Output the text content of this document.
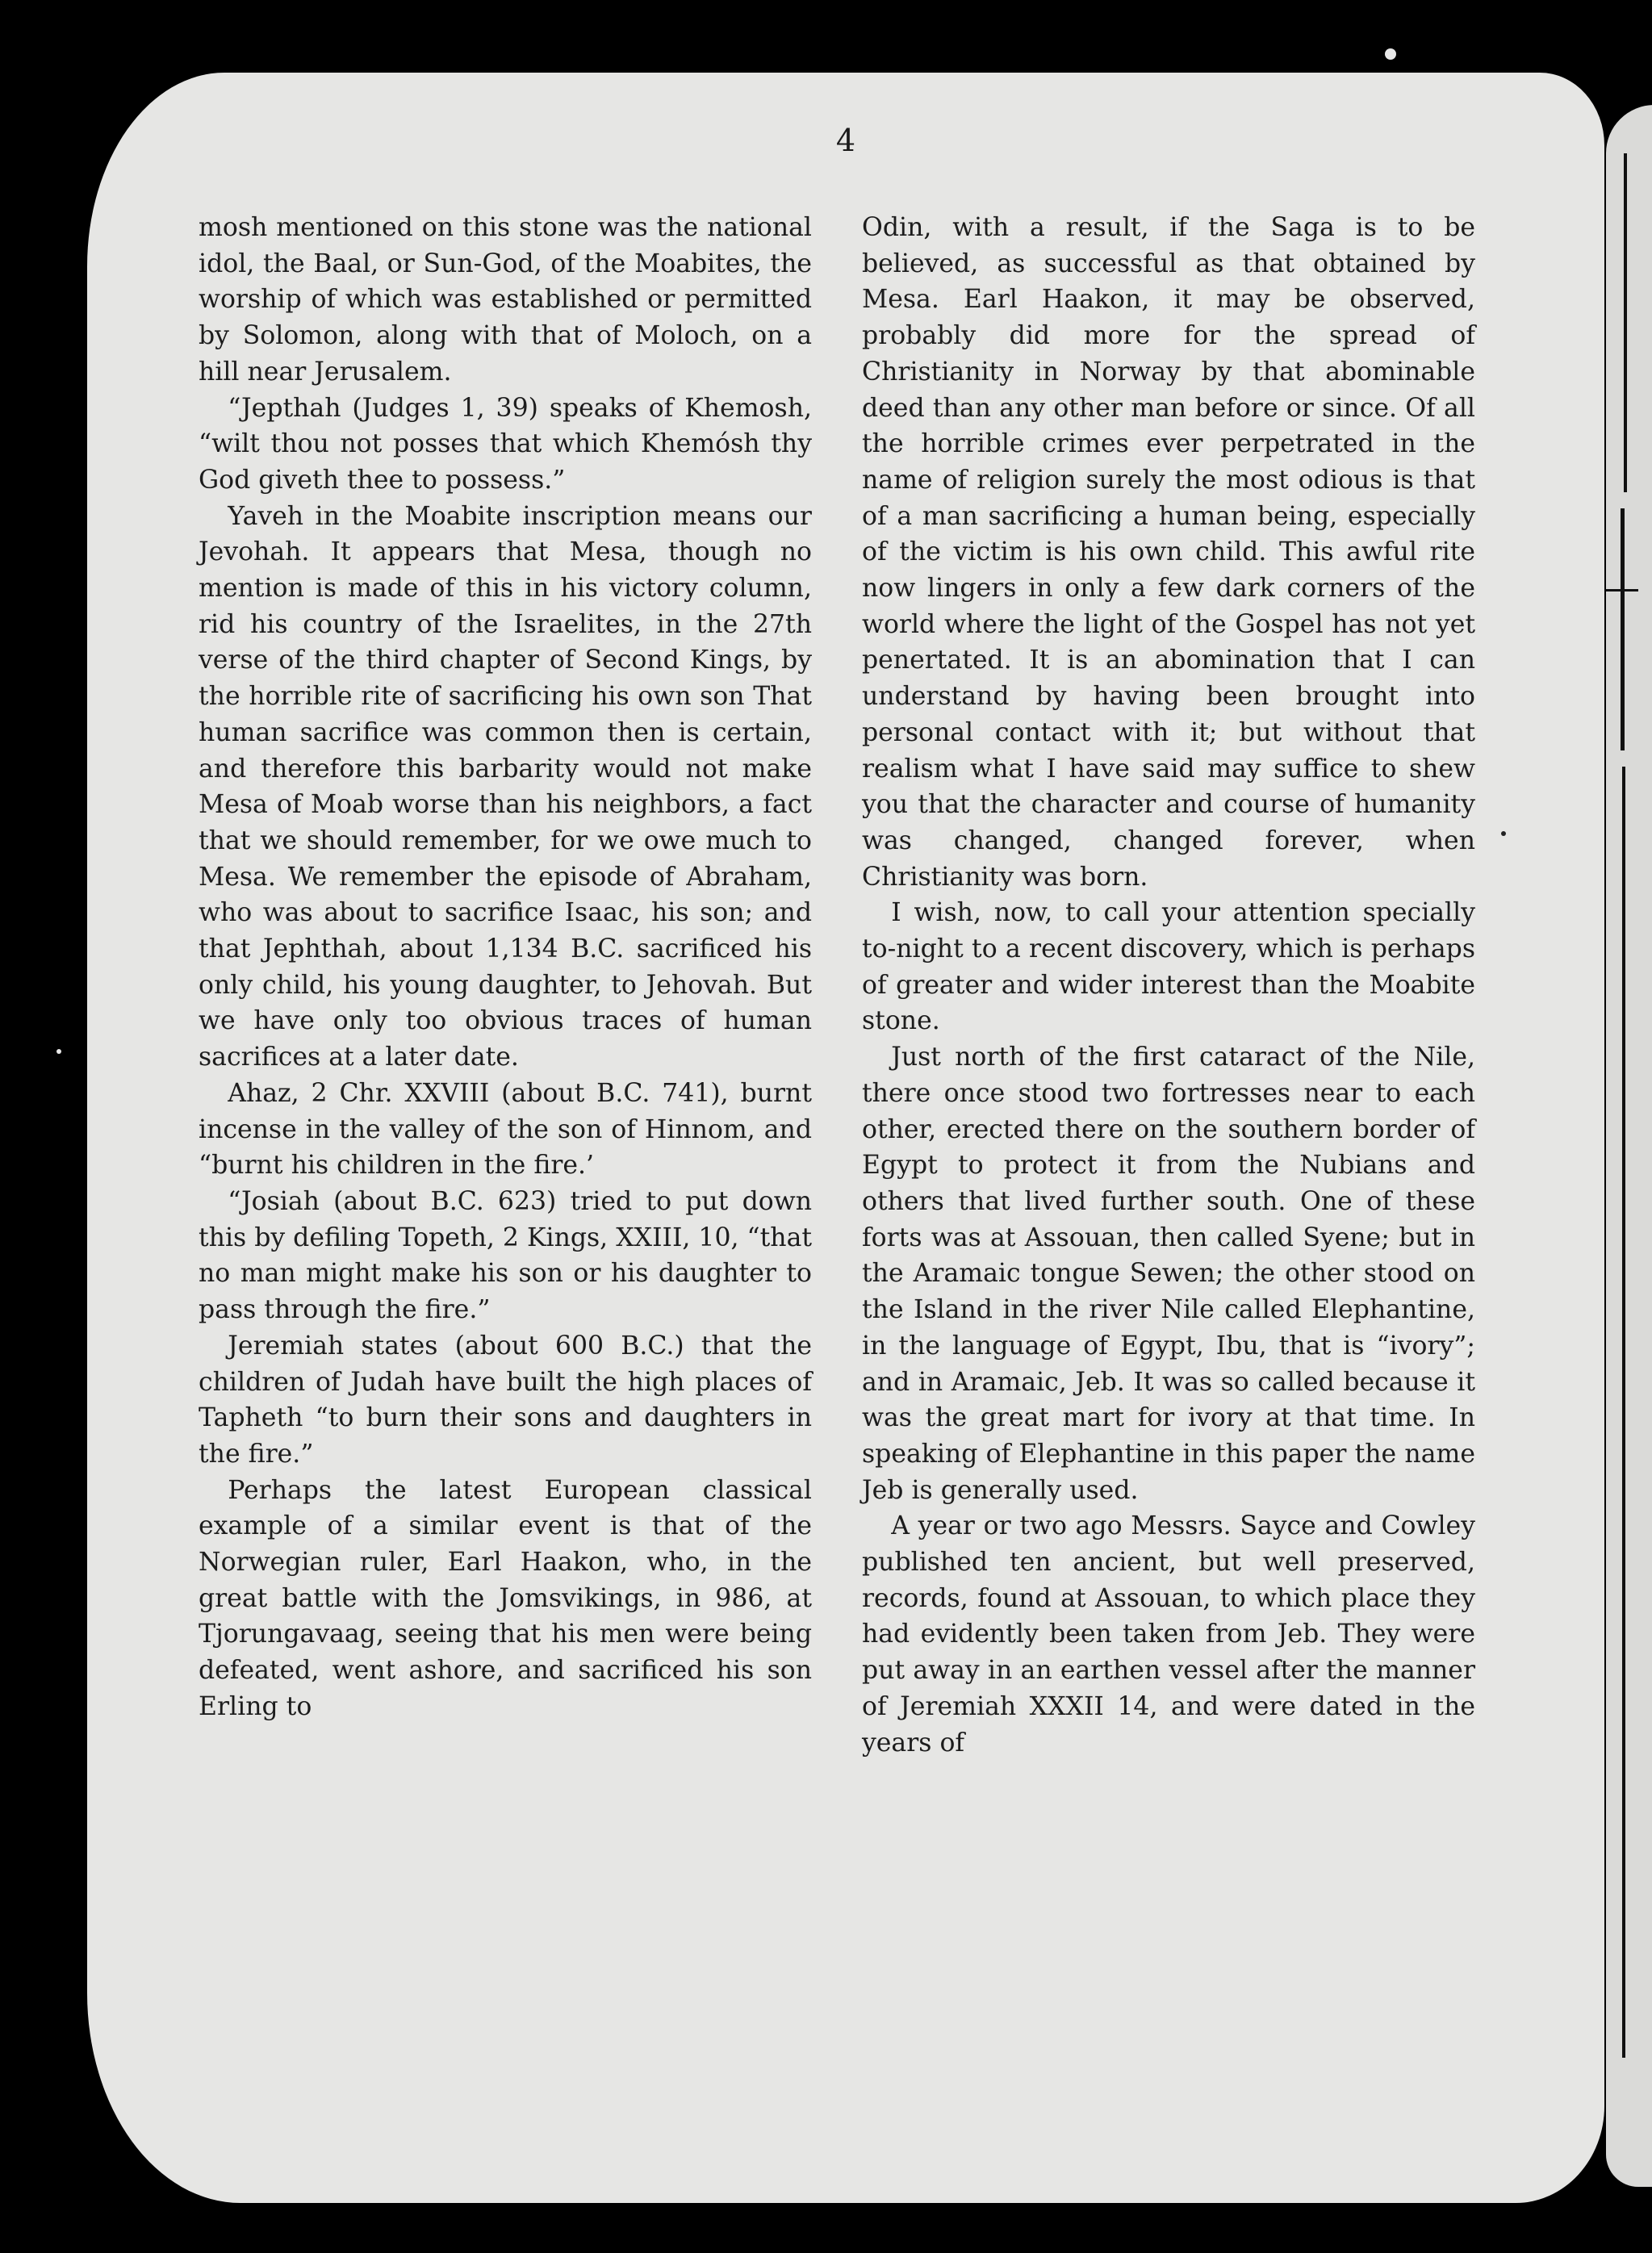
4

mosh mentioned on this stone was the national idol, the Baal, or Sun-God, of the Moabites, the worship of which was established or permitted by Solomon, along with that of Moloch, on a hill near Jerusalem.

“Jepthah (Judges 1, 39) speaks of Khemosh, “wilt thou not posses that which Khemósh thy God giveth thee to possess.”

Yaveh in the Moabite inscription means our Jevohah. It appears that Mesa, though no mention is made of this in his victory column, rid his country of the Israelites, in the 27th verse of the third chapter of Second Kings, by the horrible rite of sacrificing his own son That human sacrifice was common then is certain, and therefore this barbarity would not make Mesa of Moab worse than his neighbors, a fact that we should remember, for we owe much to Mesa. We remember the episode of Abraham, who was about to sacrifice Isaac, his son; and that Jephthah, about 1,134 B.C. sacrificed his only child, his young daughter, to Jehovah. But we have only too obvious traces of human sacrifices at a later date.

Ahaz, 2 Chr. XXVIII (about B.C. 741), burnt incense in the valley of the son of Hinnom, and “burnt his children in the fire.’

“Josiah (about B.C. 623) tried to put down this by defiling Topeth, 2 Kings, XXIII, 10, “that no man might make his son or his daughter to pass through the fire.”

Jeremiah states (about 600 B.C.) that the children of Judah have built the high places of Tapheth “to burn their sons and daughters in the fire.”

Perhaps the latest European classical example of a similar event is that of the Norwegian ruler, Earl Haakon, who, in the great battle with the Jomsvikings, in 986, at Tjorungavaag, seeing that his men were being defeated, went ashore, and sacrificed his son Erling to

Odin, with a result, if the Saga is to be believed, as successful as that obtained by Mesa. Earl Haakon, it may be observed, probably did more for the spread of Christianity in Norway by that abominable deed than any other man before or since. Of all the horrible crimes ever perpetrated in the name of religion surely the most odious is that of a man sacrificing a human being, especially of the victim is his own child. This awful rite now lingers in only a few dark corners of the world where the light of the Gospel has not yet penertated. It is an abomination that I can understand by having been brought into personal contact with it; but without that realism what I have said may suffice to shew you that the character and course of humanity was changed, changed forever, when Christianity was born.

I wish, now, to call your attention specially to-night to a recent discovery, which is perhaps of greater and wider interest than the Moabite stone.

Just north of the first cataract of the Nile, there once stood two fortresses near to each other, erected there on the southern border of Egypt to protect it from the Nubians and others that lived further south. One of these forts was at Assouan, then called Syene; but in the Aramaic tongue Sewen; the other stood on the Island in the river Nile called Elephantine, in the language of Egypt, Ibu, that is “ivory”; and in Aramaic, Jeb. It was so called because it was the great mart for ivory at that time. In speaking of Elephantine in this paper the name Jeb is generally used.

A year or two ago Messrs. Sayce and Cowley published ten ancient, but well preserved, records, found at Assouan, to which place they had evidently been taken from Jeb. They were put away in an earthen vessel after the manner of Jeremiah XXXII 14, and were dated in the years of
